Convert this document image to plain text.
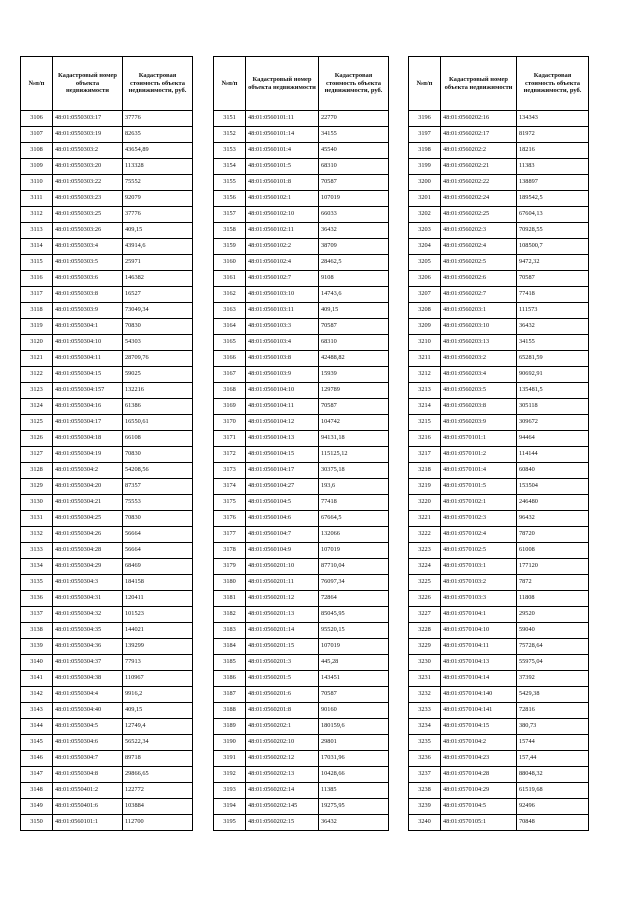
№п/п	Кадастровый номер объекта недвижимости	Кадастровая стоимость объекта недвижимости, руб.
3106	48:01:0550303:17	37776
3107	48:01:0550303:19	82635
3108	48:01:0550303:2	43654,89
3109	48:01:0550303:20	113328
3110	48:01:0550303:22	75552
3111	48:01:0550303:23	92079
3112	48:01:0550303:25	37776
3113	48:01:0550303:26	409,15
3114	48:01:0550303:4	43914,6
3115	48:01:0550303:5	25971
3116	48:01:0550303:6	146382
3117	48:01:0550303:8	16527
3118	48:01:0550303:9	73049,34
3119	48:01:0550304:1	70830
3120	48:01:0550304:10	54303
3121	48:01:0550304:11	28709,76
3122	48:01:0550304:15	59025
3123	48:01:0550304:157	132216
3124	48:01:0550304:16	61386
3125	48:01:0550304:17	16550,61
3126	48:01:0550304:18	66108
3127	48:01:0550304:19	70830
3128	48:01:0550304:2	54208,56
3129	48:01:0550304:20	87357
3130	48:01:0550304:21	75553
3131	48:01:0550304:25	70830
3132	48:01:0550304:26	56664
3133	48:01:0550304:28	56664
3134	48:01:0550304:29	68469
3135	48:01:0550304:3	184158
3136	48:01:0550304:31	120411
3137	48:01:0550304:32	101523
3138	48:01:0550304:35	144021
3139	48:01:0550304:36	139299
3140	48:01:0550304:37	77913
3141	48:01:0550304:38	110967
3142	48:01:0550304:4	9916,2
3143	48:01:0550304:40	409,15
3144	48:01:0550304:5	12749,4
3145	48:01:0550304:6	56522,34
3146	48:01:0550304:7	89718
3147	48:01:0550304:8	29866,65
3148	48:01:0550401:2	122772
3149	48:01:0550401:6	103884
3150	48:01:0560101:1	112700
№п/п	Кадастровый номер объекта недвижимости	Кадастровая стоимость объекта недвижимости, руб.
3151	48:01:0560101:11	22770
3152	48:01:0560101:14	34155
3153	48:01:0560101:4	45540
3154	48:01:0560101:5	68310
3155	48:01:0560101:8	70587
3156	48:01:0560102:1	107019
3157	48:01:0560102:10	66033
3158	48:01:0560102:11	36432
3159	48:01:0560102:2	38709
3160	48:01:0560102:4	28462,5
3161	48:01:0560102:7	9108
3162	48:01:0560103:10	14743,6
3163	48:01:0560103:11	409,15
3164	48:01:0560103:3	70587
3165	48:01:0560103:4	68310
3166	48:01:0560103:8	42488,82
3167	48:01:0560103:9	15939
3168	48:01:0560104:10	129789
3169	48:01:0560104:11	70587
3170	48:01:0560104:12	104742
3171	48:01:0560104:13	94131,18
3172	48:01:0560104:15	115125,12
3173	48:01:0560104:17	30375,18
3174	48:01:0560104:27	193,6
3175	48:01:0560104:5	77418
3176	48:01:0560104:6	67664,5
3177	48:01:0560104:7	132066
3178	48:01:0560104:9	107019
3179	48:01:0560201:10	87710,04
3180	48:01:0560201:11	76097,34
3181	48:01:0560201:12	72864
3182	48:01:0560201:13	85045,95
3183	48:01:0560201:14	95520,15
3184	48:01:0560201:15	107019
3185	48:01:0560201:3	445,28
3186	48:01:0560201:5	143451
3187	48:01:0560201:6	70587
3188	48:01:0560201:8	90160
3189	48:01:0560202:1	180159,6
3190	48:01:0560202:10	29801
3191	48:01:0560202:12	17031,96
3192	48:01:0560202:13	10428,66
3193	48:01:0560202:14	11385
3194	48:01:0560202:145	19275,95
3195	48:01:0560202:15	36432
№п/п	Кадастровый номер объекта недвижимости	Кадастровая стоимость объекта недвижимости, руб.
3196	48:01:0560202:16	134343
3197	48:01:0560202:17	81972
3198	48:01:0560202:2	18216
3199	48:01:0560202:21	11383
3200	48:01:0560202:22	138897
3201	48:01:0560202:24	189542,5
3202	48:01:0560202:25	67604,13
3203	48:01:0560202:3	70928,55
3204	48:01:0560202:4	108500,7
3205	48:01:0560202:5	9472,32
3206	48:01:0560202:6	70587
3207	48:01:0560202:7	77418
3208	48:01:0560203:1	111573
3209	48:01:0560203:10	36432
3210	48:01:0560203:13	34155
3211	48:01:0560203:2	65281,59
3212	48:01:0560203:4	90692,91
3213	48:01:0560203:5	135481,5
3214	48:01:0560203:8	305118
3215	48:01:0560203:9	309672
3216	48:01:0570101:1	94464
3217	48:01:0570101:2	114144
3218	48:01:0570101:4	60840
3219	48:01:0570101:5	153504
3220	48:01:0570102:1	246480
3221	48:01:0570102:3	96432
3222	48:01:0570102:4	78720
3223	48:01:0570102:5	61008
3224	48:01:0570103:1	177120
3225	48:01:0570103:2	7872
3226	48:01:0570103:3	11808
3227	48:01:0570104:1	29520
3228	48:01:0570104:10	59040
3229	48:01:0570104:11	75728,64
3230	48:01:0570104:13	55975,04
3231	48:01:0570104:14	37392
3232	48:01:0570104:140	5429,38
3233	48:01:0570104:141	72816
3234	48:01:0570104:15	380,73
3235	48:01:0570104:2	15744
3236	48:01:0570104:23	157,44
3237	48:01:0570104:28	88048,32
3238	48:01:0570104:29	61519,68
3239	48:01:0570104:5	92496
3240	48:01:0570105:1	70848
